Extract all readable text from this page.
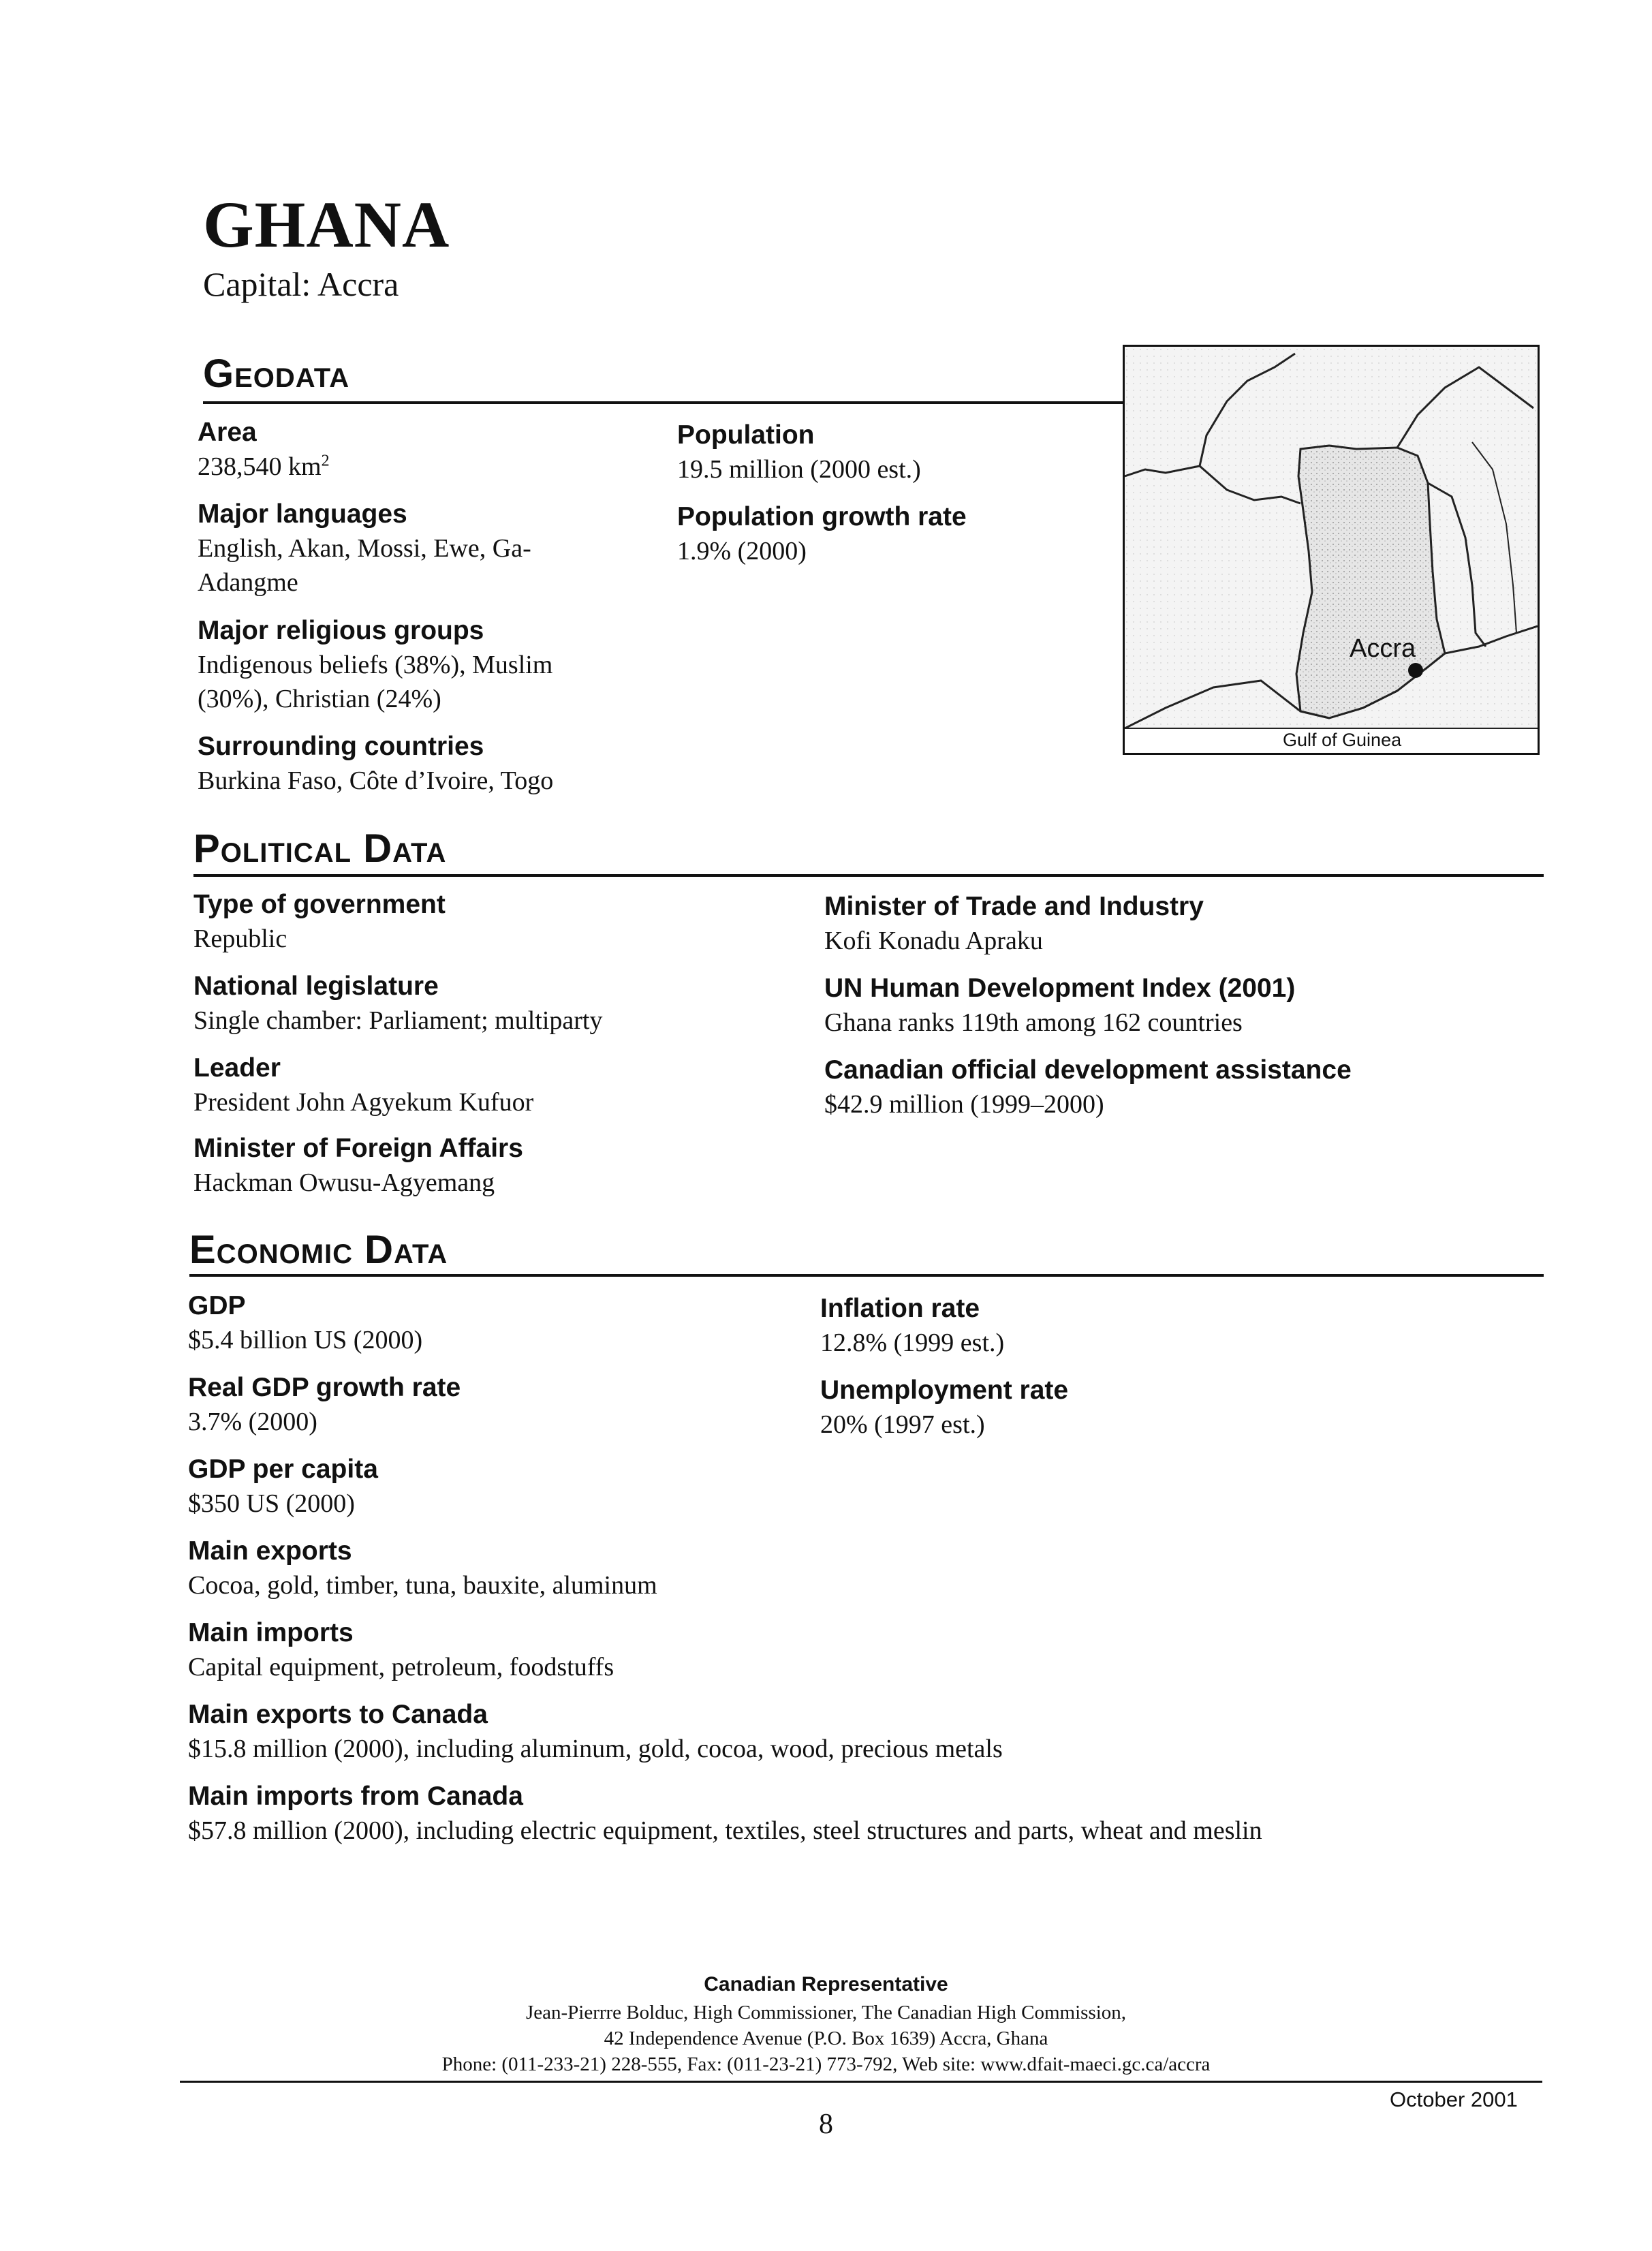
GHANA
Capital: Accra
GEODATA
Area
238,540 $km^2$
Major languages
English, Akan, Mossi, Ewe, Ga-
Adangme
Major religious groups
Indigenous beliefs (38%), Muslim
(30%), Christian (24%)
Surrounding countries
Burkina Faso, Côte d’Ivoire, Togo
Population
19.5 million (2000 est.)
Population growth rate
1.9% (2000)
Accra
Gulf of Guinea
POLITICAL DATA
Type of government
Republic
National legislature
Single chamber: Parliament; multiparty
Leader
President John Agyekum Kufuor
Minister of Foreign Affairs
Hackman Owusu-Agyemang
Minister of Trade and Industry
Kofi Konadu Apraku
UN Human Development Index (2001)
Ghana ranks 119th among 162 countries
Canadian official development assistance
$42.9 million (1999–2000)
ECONOMIC DATA
GDP
$5.4 billion US (2000)
Real GDP growth rate
3.7% (2000)
GDP per capita
$350 US (2000)
Main exports
Cocoa, gold, timber, tuna, bauxite, aluminum
Main imports
Capital equipment, petroleum, foodstuffs
Main exports to Canada
$15.8 million (2000), including aluminum, gold, cocoa, wood, precious metals
Main imports from Canada
$57.8 million (2000), including electric equipment, textiles, steel structures and parts, wheat and meslin
Inflation rate
12.8% (1999 est.)
Unemployment rate
20% (1997 est.)
Canadian Representative
Jean-Pierrre Bolduc, High Commissioner, The Canadian High Commission,
42 Independence Avenue (P.O. Box 1639) Accra, Ghana
Phone: (011-233-21) 228-555, Fax: (011-23-21) 773-792, Web site: www.dfait-maeci.gc.ca/accra
October 2001
8
